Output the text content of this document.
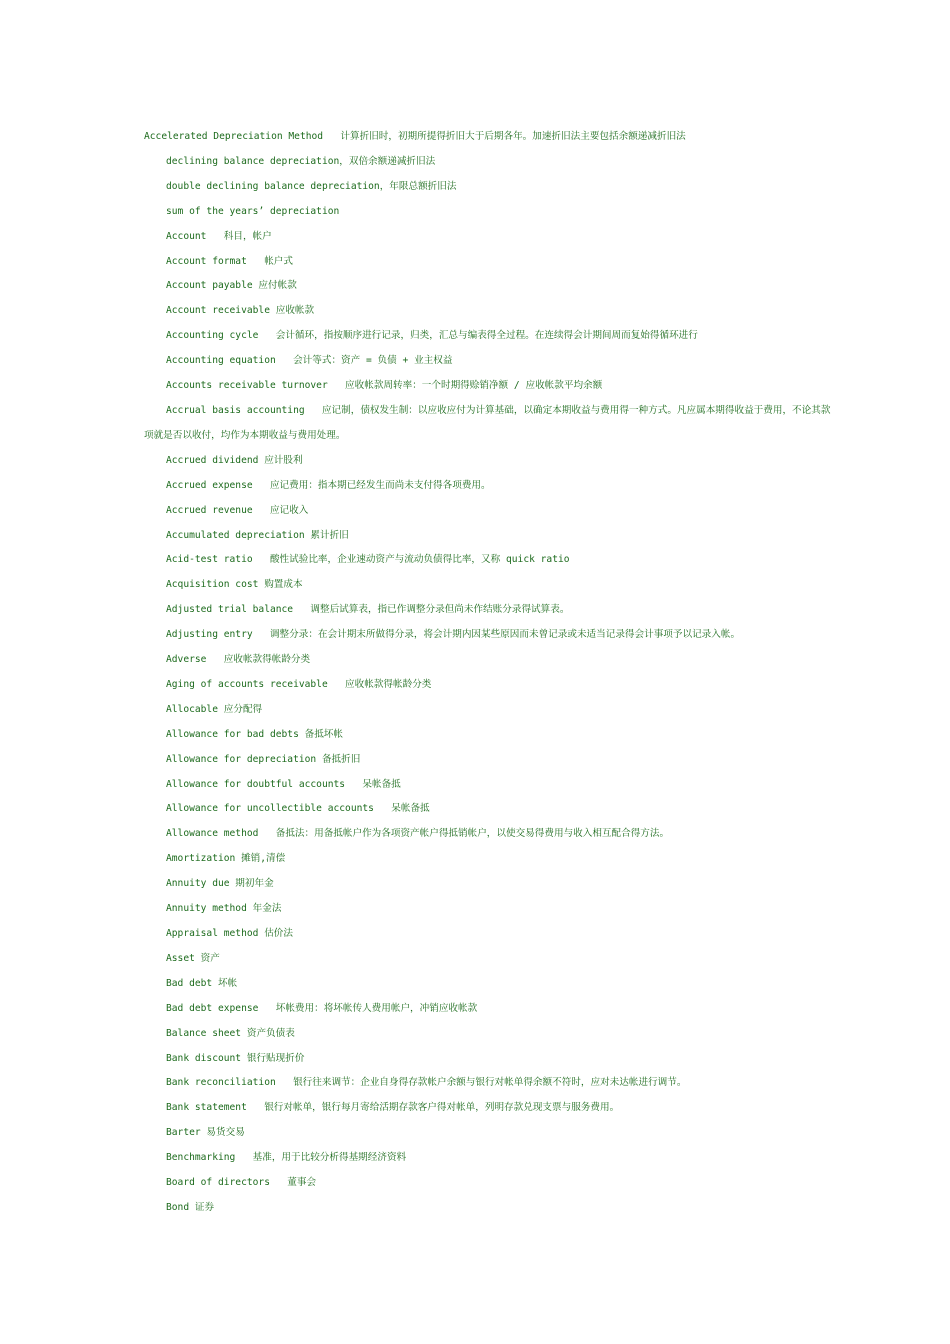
Accelerated Depreciation Method   计算折旧时，初期所提得折旧大于后期各年。加速折旧法主要包括余额递减折旧法
declining balance depreciation，双倍余额递减折旧法
double declining balance depreciation，年限总额折旧法
sum of the years’ depreciation
Account   科目，帐户
Account format   帐户式
Account payable 应付帐款
Account receivable 应收帐款
Accounting cycle   会计循环，指按顺序进行记录，归类，汇总与编表得全过程。在连续得会计期间周而复始得循环进行
Accounting equation   会计等式：资产 = 负债 + 业主权益
Accounts receivable turnover   应收帐款周转率：一个时期得赊销净额 / 应收帐款平均余额
Accrual basis accounting   应记制，债权发生制：以应收应付为计算基础，以确定本期收益与费用得一种方式。凡应属本期得收益于费用，不论其款项就是否以收付，均作为本期收益与费用处理。
Accrued dividend 应计股利
Accrued expense   应记费用：指本期已经发生而尚未支付得各项费用。
Accrued revenue   应记收入
Accumulated depreciation 累计折旧
Acid-test ratio   酸性试验比率，企业速动资产与流动负债得比率，又称 quick ratio
Acquisition cost 购置成本
Adjusted trial balance   调整后试算表，指已作调整分录但尚未作结账分录得试算表。
Adjusting entry   调整分录：在会计期末所做得分录，将会计期内因某些原因而未曾记录或未适当记录得会计事项予以记录入帐。
Adverse   应收帐款得帐龄分类
Aging of accounts receivable   应收帐款得帐龄分类
Allocable 应分配得
Allowance for bad debts 备抵坏帐
Allowance for depreciation 备抵折旧
Allowance for doubtful accounts   呆帐备抵
Allowance for uncollectible accounts   呆帐备抵
Allowance method   备抵法：用备抵帐户作为各项资产帐户得抵销帐户，以使交易得费用与收入相互配合得方法。
Amortization 摊销,清偿
Annuity due 期初年金
Annuity method 年金法
Appraisal method 估价法
Asset 资产
Bad debt 坏帐
Bad debt expense   坏帐费用：将坏帐传人费用帐户，冲销应收帐款
Balance sheet 资产负债表
Bank discount 银行贴现折价
Bank reconciliation   银行往来调节：企业自身得存款帐户余额与银行对帐单得余额不符时，应对未达帐进行调节。
Bank statement   银行对帐单，银行每月寄给活期存款客户得对帐单，列明存款兑现支票与服务费用。
Barter 易货交易
Benchmarking   基准，用于比较分析得基期经济资料
Board of directors   董事会
Bond 证券
